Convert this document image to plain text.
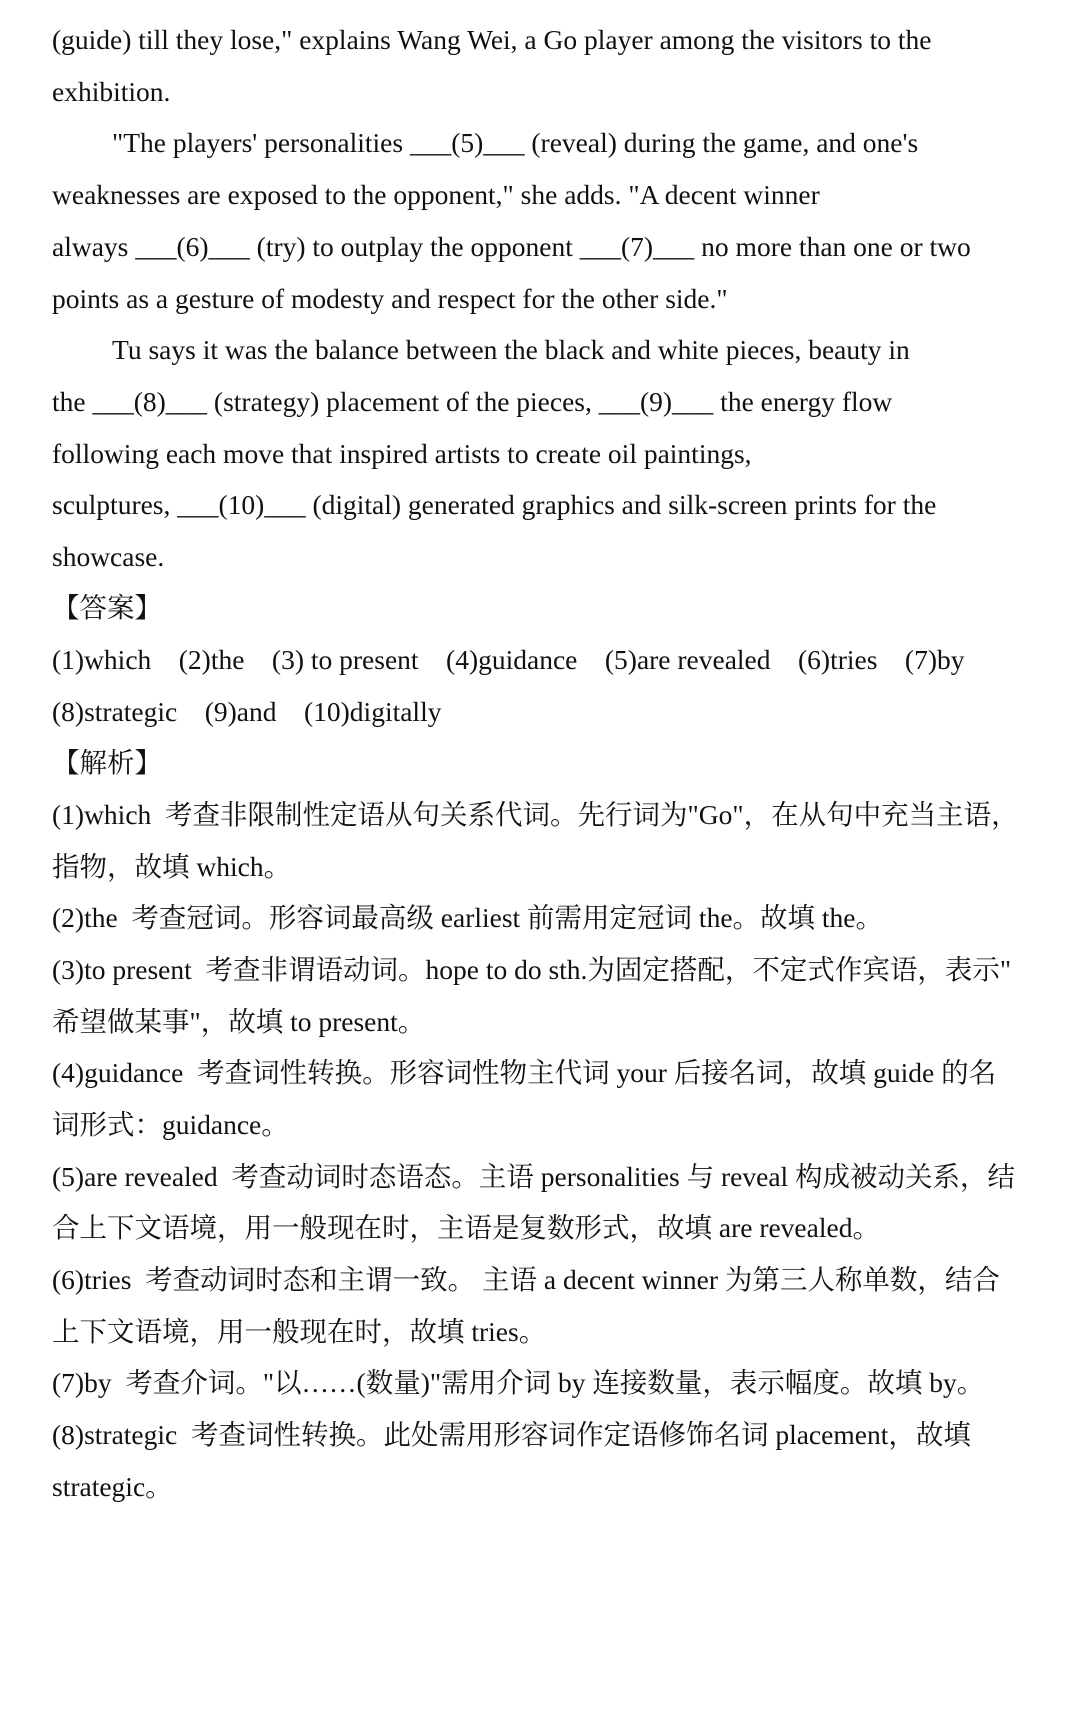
(guide) till they lose," explains Wang Wei, a Go player among the visitors to the
exhibition.
"The players' personalities ___(5)___ (reveal) during the game, and one's
weaknesses are exposed to the opponent," she adds. "A decent winner
always ___(6)___ (try) to outplay the opponent ___(7)___ no more than one or two
points as a gesture of modesty and respect for the other side."
Tu says it was the balance between the black and white pieces, beauty in
the ___(8)___ (strategy) placement of the pieces, ___(9)___ the energy flow
following each move that inspired artists to create oil paintings,
sculptures, ___(10)___ (digital) generated graphics and silk-screen prints for the
showcase.
【答案】
(1)which    (2)the    (3) to present    (4)guidance    (5)are revealed    (6)tries    (7)by
(8)strategic    (9)and    (10)digitally
【解析】
(1)which  考查非限制性定语从句关系代词。先行词为"Go"，在从句中充当主语，
指物，故填 which。
(2)the  考查冠词。形容词最高级 earliest 前需用定冠词 the。故填 the。
(3)to present  考查非谓语动词。hope to do sth.为固定搭配，不定式作宾语，表示"
希望做某事"，故填 to present。
(4)guidance  考查词性转换。形容词性物主代词 your 后接名词，故填 guide 的名
词形式：guidance。
(5)are revealed  考查动词时态语态。主语 personalities 与 reveal 构成被动关系，结
合上下文语境，用一般现在时，主语是复数形式，故填 are revealed。
(6)tries  考查动词时态和主谓一致。 主语 a decent winner 为第三人称单数，结合
上下文语境，用一般现在时，故填 tries。
(7)by  考查介词。"以……(数量)"需用介词 by 连接数量，表示幅度。故填 by。
(8)strategic  考查词性转换。此处需用形容词作定语修饰名词 placement，故填
strategic。
